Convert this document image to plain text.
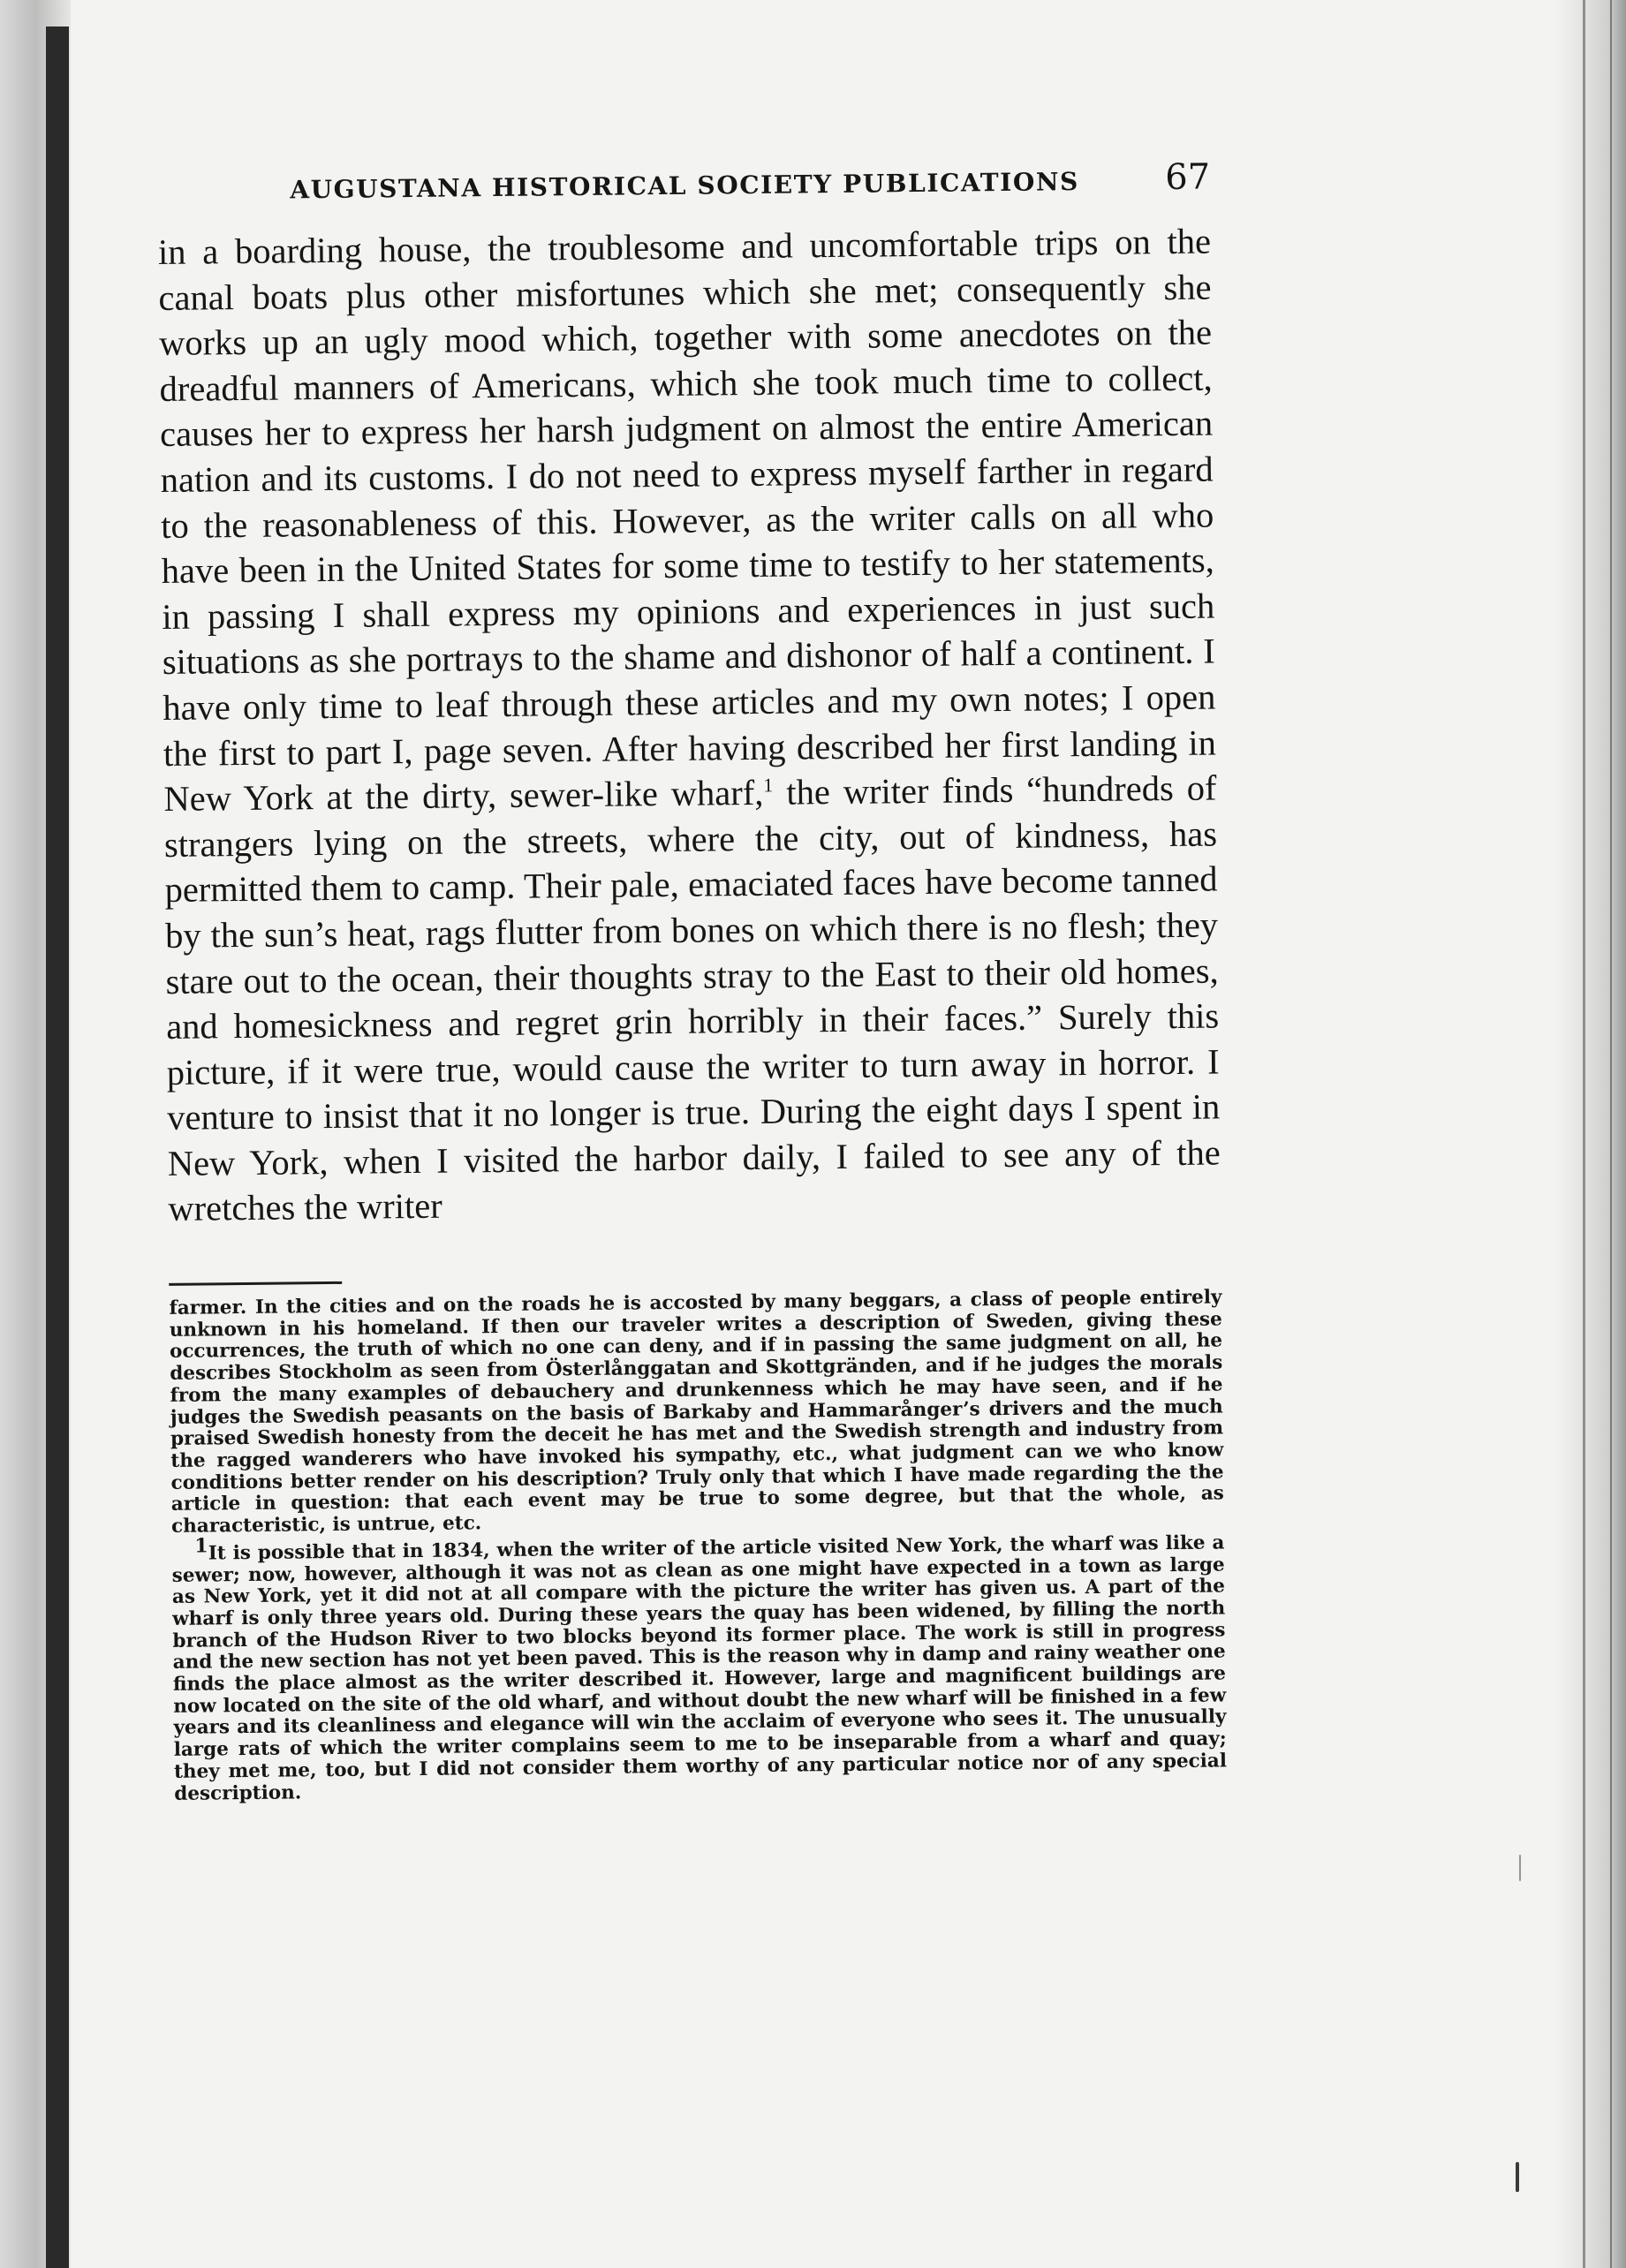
AUGUSTANA HISTORICAL SOCIETY PUBLICATIONS 67
in a boarding house, the troublesome and uncomfortable trips on the canal boats plus other misfortunes which she met; consequently she works up an ugly mood which, together with some anecdotes on the dreadful manners of Americans, which she took much time to collect, causes her to express her harsh judgment on almost the entire American nation and its customs. I do not need to express myself farther in regard to the reasonableness of this. However, as the writer calls on all who have been in the United States for some time to testify to her statements, in passing I shall express my opinions and experiences in just such situations as she portrays to the shame and dishonor of half a continent. I have only time to leaf through these articles and my own notes; I open the first to part I, page seven. After having described her first landing in New York at the dirty, sewer-like wharf,$^1$ the writer finds “hundreds of strangers lying on the streets, where the city, out of kindness, has permitted them to camp. Their pale, emaciated faces have become tanned by the sun’s heat, rags flutter from bones on which there is no flesh; they stare out to the ocean, their thoughts stray to the East to their old homes, and homesickness and regret grin horribly in their faces.” Surely this picture, if it were true, would cause the writer to turn away in horror. I venture to insist that it no longer is true. During the eight days I spent in New York, when I visited the harbor daily, I failed to see any of the wretches the writer
farmer. In the cities and on the roads he is accosted by many beggars, a class of people entirely unknown in his homeland. If then our traveler writes a description of Sweden, giving these occurrences, the truth of which no one can deny, and if in passing the same judgment on all, he describes Stockholm as seen from Österlånggatan and Skottgränden, and if he judges the morals from the many examples of debauchery and drunkenness which he may have seen, and if he judges the Swedish peasants on the basis of Barkaby and Hammarånger’s drivers and the much praised Swedish honesty from the deceit he has met and the Swedish strength and industry from the ragged wanderers who have invoked his sympathy, etc., what judgment can we who know conditions better render on his description? Truly only that which I have made regarding the the article in question: that each event may be true to some degree, but that the whole, as characteristic, is untrue, etc.
1It is possible that in 1834, when the writer of the article visited New York, the wharf was like a sewer; now, however, although it was not as clean as one might have expected in a town as large as New York, yet it did not at all compare with the picture the writer has given us. A part of the wharf is only three years old. During these years the quay has been widened, by filling the north branch of the Hudson River to two blocks beyond its former place. The work is still in progress and the new section has not yet been paved. This is the reason why in damp and rainy weather one finds the place almost as the writer described it. However, large and magnificent buildings are now located on the site of the old wharf, and without doubt the new wharf will be finished in a few years and its cleanliness and elegance will win the acclaim of everyone who sees it. The unusually large rats of which the writer complains seem to me to be inseparable from a wharf and quay; they met me, too, but I did not consider them worthy of any particular notice nor of any special description.
